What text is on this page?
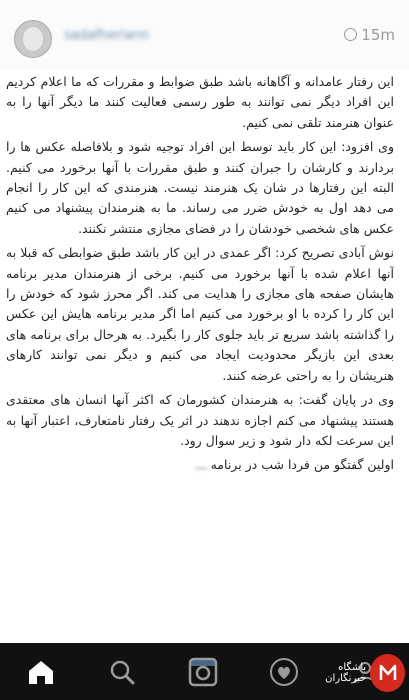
sadafheriann	15m

این رفتار عامدانه و آگاهانه باشد طبق ضوابط و مقررات که ما اعلام کردیم این افراد دیگر نمی توانند به طور رسمی فعالیت کنند ما دیگر آنها را به عنوان هنرمند تلقی نمی کنیم.

وی افزود: این کار باید توسط این افراد توجیه شود و بلافاصله عکس ها را بردارند و کارشان را جبران کنند و طبق مقررات با آنها برخورد می کنیم. البته این رفتارها در شان یک هنرمند نیست. هنرمندی که این کار را انجام می دهد اول به خودش ضرر می رساند. ما به هنرمندان پیشنهاد می کنیم عکس های شخصی خودشان را در فضای مجازی منتشر نکنند.

نوش آبادی تصریح کرد: اگر عمدی در این کار باشد طبق ضوابطی که قبلا به آنها اعلام شده با آنها برخورد می کنیم. برخی از هنرمندان مدیر برنامه هایشان صفحه های مجازی را هدایت می کند. اگر محرز شود که خودش را این کار را کرده با او برخورد می کنیم اما اگر مدیر برنامه هایش این عکس را گذاشته باشد سریع تر باید جلوی کار را بگیرد. به هرحال برای برنامه های بعدی این بازیگر محدودیت ایجاد می کنیم و دیگر نمی توانند کارهای هنریشان را به راحتی عرضه کنند.

وی در پایان گفت: به هنرمندان کشورمان که اکثر آنها انسان های معتقدی هستند پیشنهاد می کنم اجازه ندهند در اثر یک رفتار نامتعارف، اعتبار آنها به این سرعت لکه دار شود و زیر سوال رود.

اولین گفتگو من فردا شب در برنامه ـــ

باشگاه خبرنگاران
